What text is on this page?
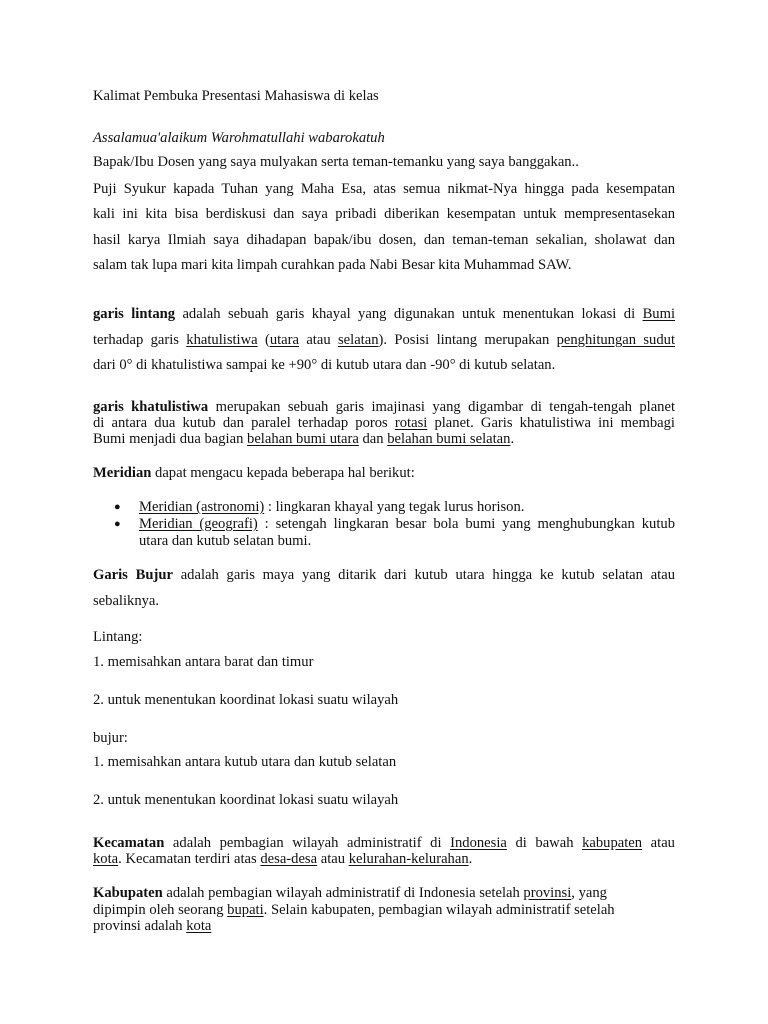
Kalimat Pembuka Presentasi Mahasiswa di kelas
Assalamua'alaikum Warohmatullahi wabarokatuh
Bapak/Ibu Dosen yang saya mulyakan serta teman-temanku yang saya banggakan..
Puji Syukur kapada Tuhan yang Maha Esa, atas semua nikmat-Nya hingga pada kesempatan
kali ini kita bisa berdiskusi dan saya pribadi diberikan kesempatan untuk mempresentasekan
hasil karya Ilmiah saya dihadapan bapak/ibu dosen, dan teman-teman sekalian, sholawat dan
salam tak lupa mari kita limpah curahkan pada Nabi Besar kita Muhammad SAW.
garis lintang adalah sebuah garis khayal yang digunakan untuk menentukan lokasi di Bumi
terhadap garis khatulistiwa (utara atau selatan). Posisi lintang merupakan penghitungan sudut
dari 0° di khatulistiwa sampai ke +90° di kutub utara dan -90° di kutub selatan.
garis khatulistiwa merupakan sebuah garis imajinasi yang digambar di tengah-tengah planet
di antara dua kutub dan paralel terhadap poros rotasi planet. Garis khatulistiwa ini membagi
Bumi menjadi dua bagian belahan bumi utara dan belahan bumi selatan.
Meridian dapat mengacu kepada beberapa hal berikut:
● Meridian (astronomi) : lingkaran khayal yang tegak lurus horison.
● Meridian (geografi) : setengah lingkaran besar bola bumi yang menghubungkan kutub
utara dan kutub selatan bumi.
Garis Bujur adalah garis maya yang ditarik dari kutub utara hingga ke kutub selatan atau
sebaliknya.
Lintang:
1. memisahkan antara barat dan timur
2. untuk menentukan koordinat lokasi suatu wilayah
bujur:
1. memisahkan antara kutub utara dan kutub selatan
2. untuk menentukan koordinat lokasi suatu wilayah
Kecamatan adalah pembagian wilayah administratif di Indonesia di bawah kabupaten atau
kota. Kecamatan terdiri atas desa-desa atau kelurahan-kelurahan.
Kabupaten adalah pembagian wilayah administratif di Indonesia setelah provinsi, yang
dipimpin oleh seorang bupati. Selain kabupaten, pembagian wilayah administratif setelah
provinsi adalah kota
